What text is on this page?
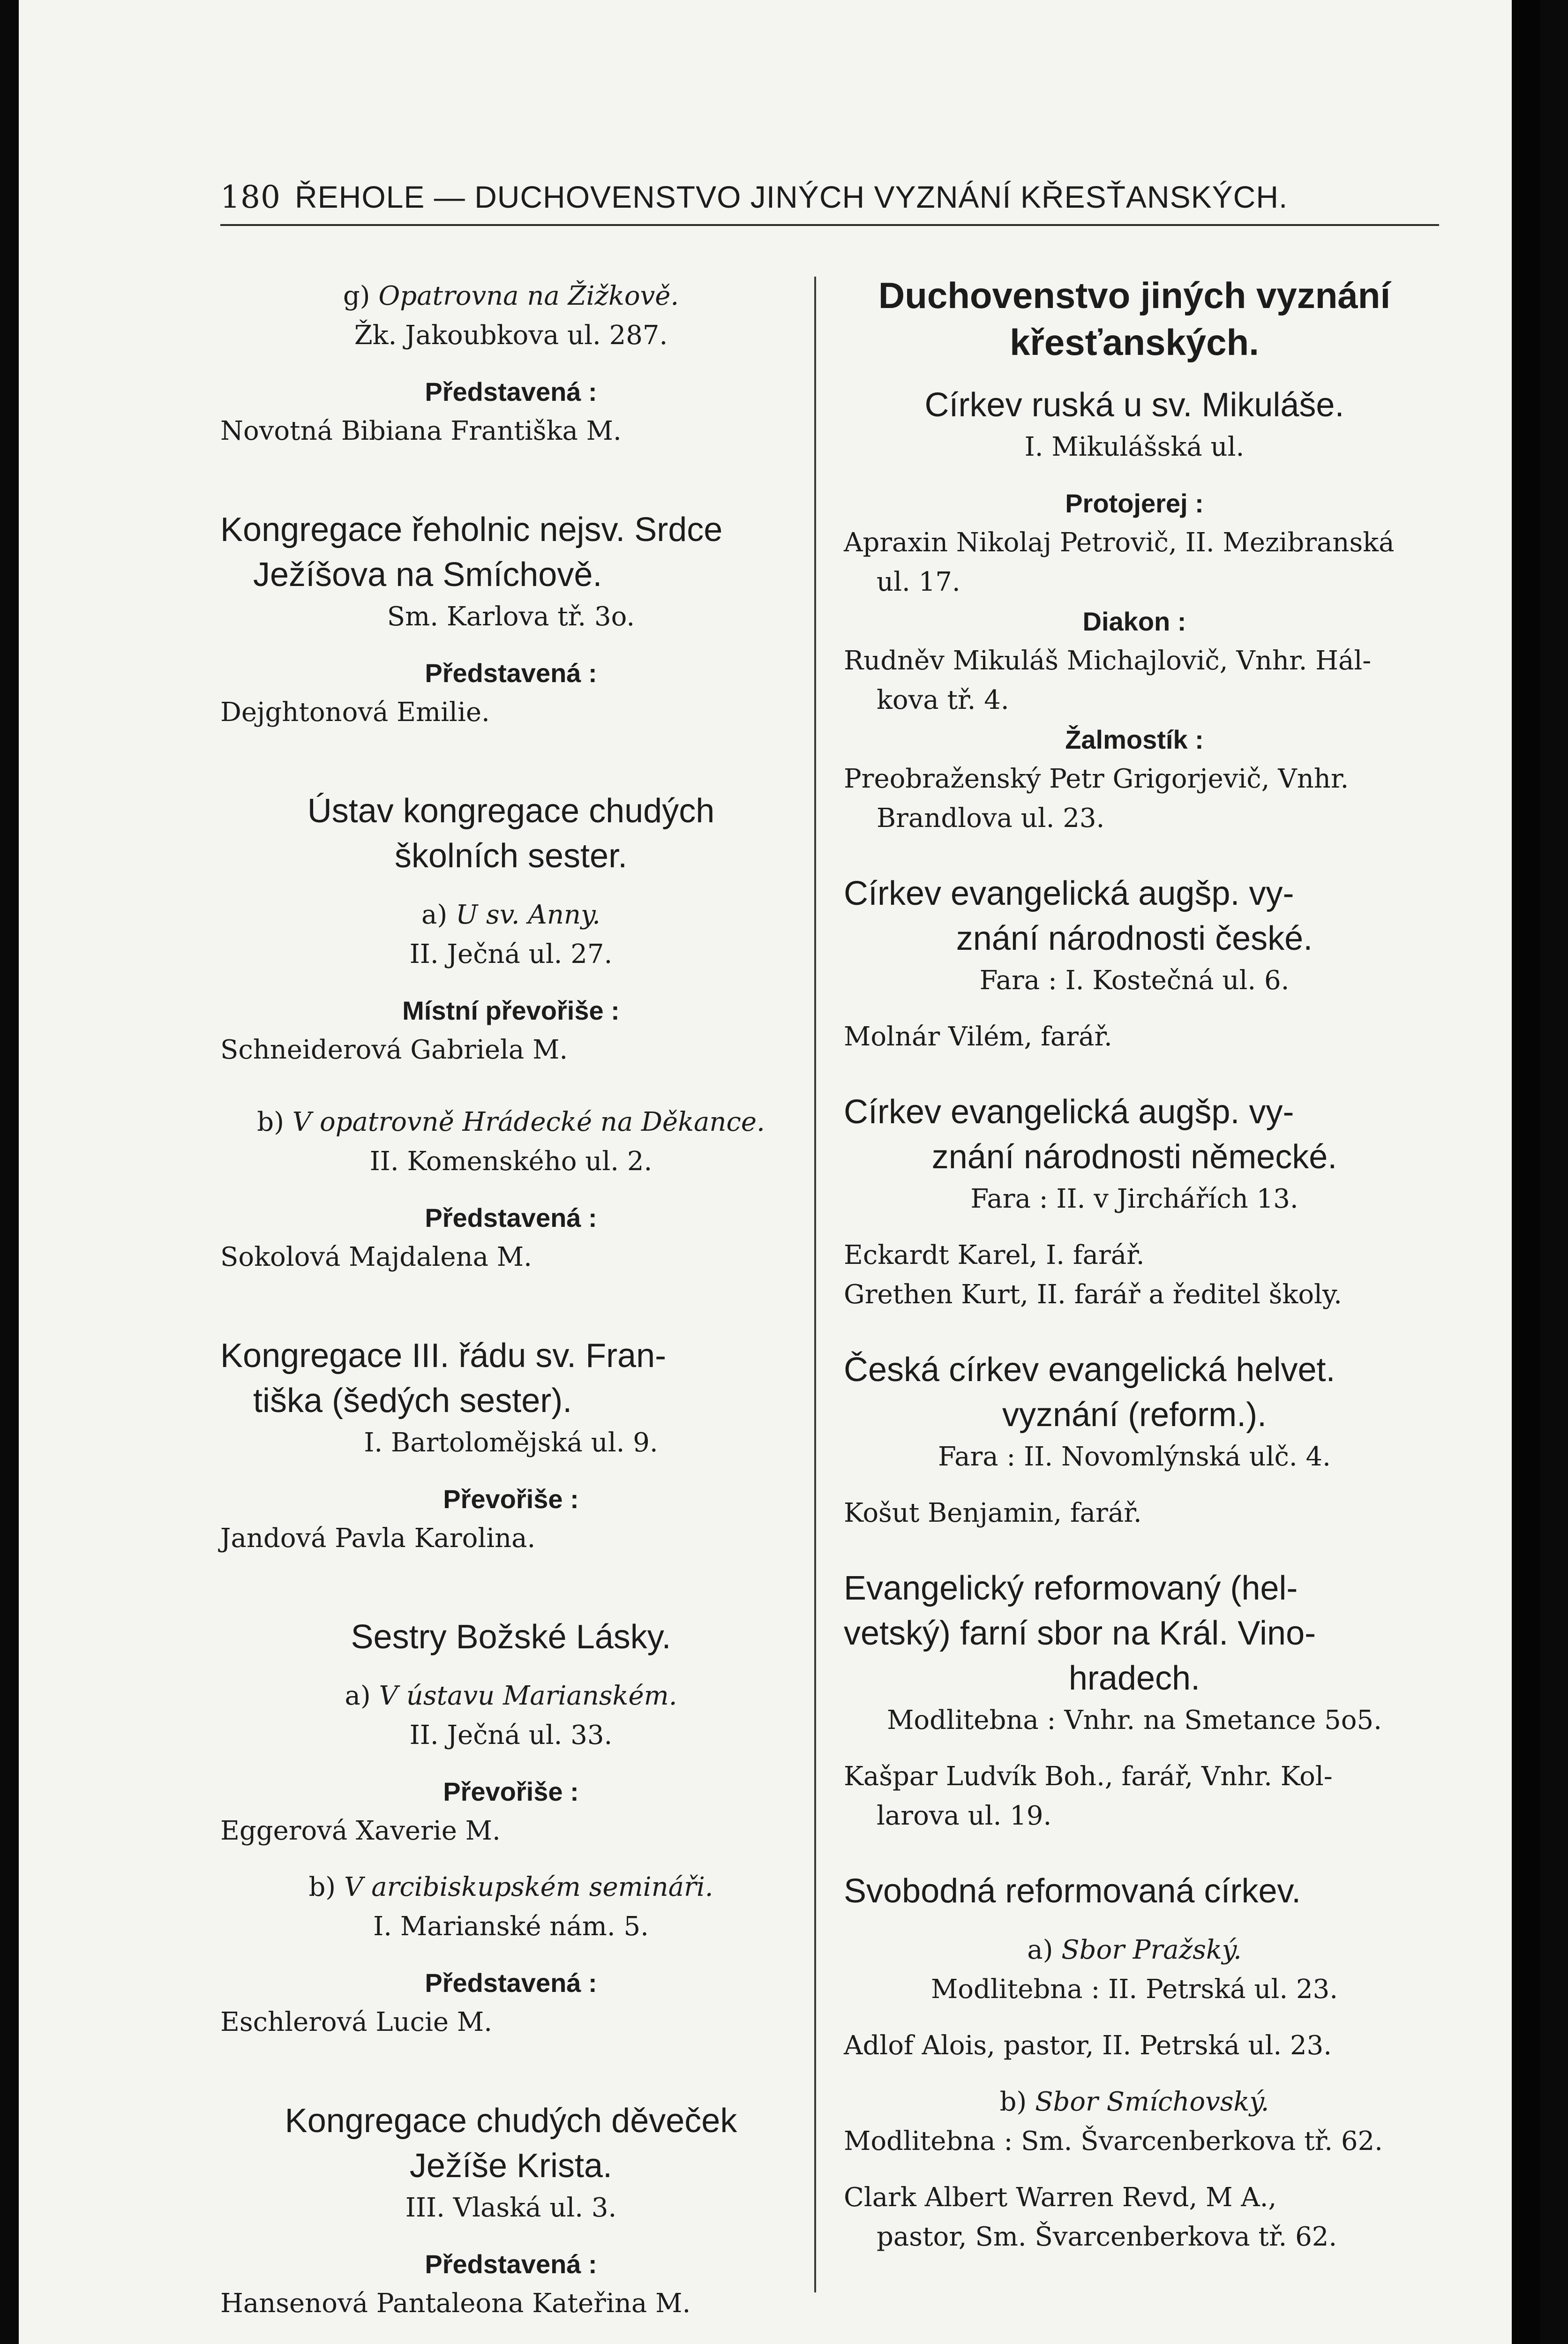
180 ŘEHOLE — DUCHOVENSTVO JINÝCH VYZNÁNÍ KŘESŤANSKÝCH.
g) Opatrovna na Žižkově.
Žk. Jakoubkova ul. 287.
Představená :
Novotná Bibiana Františka M.
Kongregace řeholnic nejsv. Srdce
Ježíšova na Smíchově.
Sm. Karlova tř. 3o.
Představená :
Dejghtonová Emilie.
Ústav kongregace chudých
školních sester.
a) U sv. Anny.
II. Ječná ul. 27.
Místní převořiše :
Schneiderová Gabriela M.
b) V opatrovně Hrádecké na Děkance.
II. Komenského ul. 2.
Představená :
Sokolová Majdalena M.
Kongregace III. řádu sv. Fran-
tiška (šedých sester).
I. Bartolomějská ul. 9.
Převořiše :
Jandová Pavla Karolina.
Sestry Božské Lásky.
a) V ústavu Marianském.
II. Ječná ul. 33.
Převořiše :
Eggerová Xaverie M.
b) V arcibiskupském semináři.
I. Marianské nám. 5.
Představená :
Eschlerová Lucie M.
Kongregace chudých děveček
Ježíše Krista.
III. Vlaská ul. 3.
Představená :
Hansenová Pantaleona Kateřina M.
Duchovenstvo jiných vyznání
křesťanských.
Církev ruská u sv. Mikuláše.
I. Mikulášská ul.
Protojerej :
Apraxin Nikolaj Petrovič, II. Mezibranská
ul. 17.
Diakon :
Rudněv Mikuláš Michajlovič, Vnhr. Hál-
kova tř. 4.
Žalmostík :
Preobraženský Petr Grigorjevič, Vnhr.
Brandlova ul. 23.
Církev evangelická augšp. vy-
znání národnosti české.
Fara : I. Kostečná ul. 6.
Molnár Vilém, farář.
Církev evangelická augšp. vy-
znání národnosti německé.
Fara : II. v Jirchářích 13.
Eckardt Karel, I. farář.
Grethen Kurt, II. farář a ředitel školy.
Česká církev evangelická helvet.
vyznání (reform.).
Fara : II. Novomlýnská ulč. 4.
Košut Benjamin, farář.
Evangelický reformovaný (hel-
vetský) farní sbor na Král. Vino-
hradech.
Modlitebna : Vnhr. na Smetance 5o5.
Kašpar Ludvík Boh., farář, Vnhr. Kol-
larova ul. 19.
Svobodná reformovaná církev.
a) Sbor Pražský.
Modlitebna : II. Petrská ul. 23.
Adlof Alois, pastor, II. Petrská ul. 23.
b) Sbor Smíchovský.
Modlitebna : Sm. Švarcenberkova tř. 62.
Clark Albert Warren Revd, M A.,
pastor, Sm. Švarcenberkova tř. 62.
